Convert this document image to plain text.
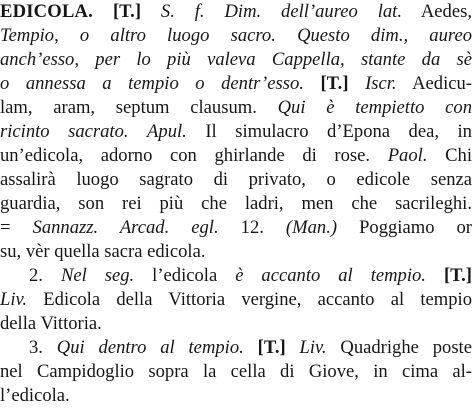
EDICOLA. [T.] S. f. Dim. dell’aureo lat. Aedes,
Tempio, o altro luogo sacro. Questo dim., aureo
anch’esso, per lo più valeva Cappella, stante da sè
o annessa a tempio o dentr’esso. [T.] Iscr. Aedicu-
lam, aram, septum clausum. Qui è tempietto con
ricinto sacrato. Apul. Il simulacro d’Epona dea, in
un’edicola, adorno con ghirlande di rose. Paol. Chi
assalirà luogo sagrato di privato, o edicole senza
guardia, son rei più che ladri, men che sacrileghi.
= Sannazz. Arcad. egl. 12. (Man.) Poggiamo or
su, vèr quella sacra edicola.
2. Nel seg. l’edicola è accanto al tempio. [T.]
Liv. Edicola della Vittoria vergine, accanto al tempio
della Vittoria.
3. Qui dentro al tempio. [T.] Liv. Quadrighe poste
nel Campidoglio sopra la cella di Giove, in cima al-
l’edicola.
